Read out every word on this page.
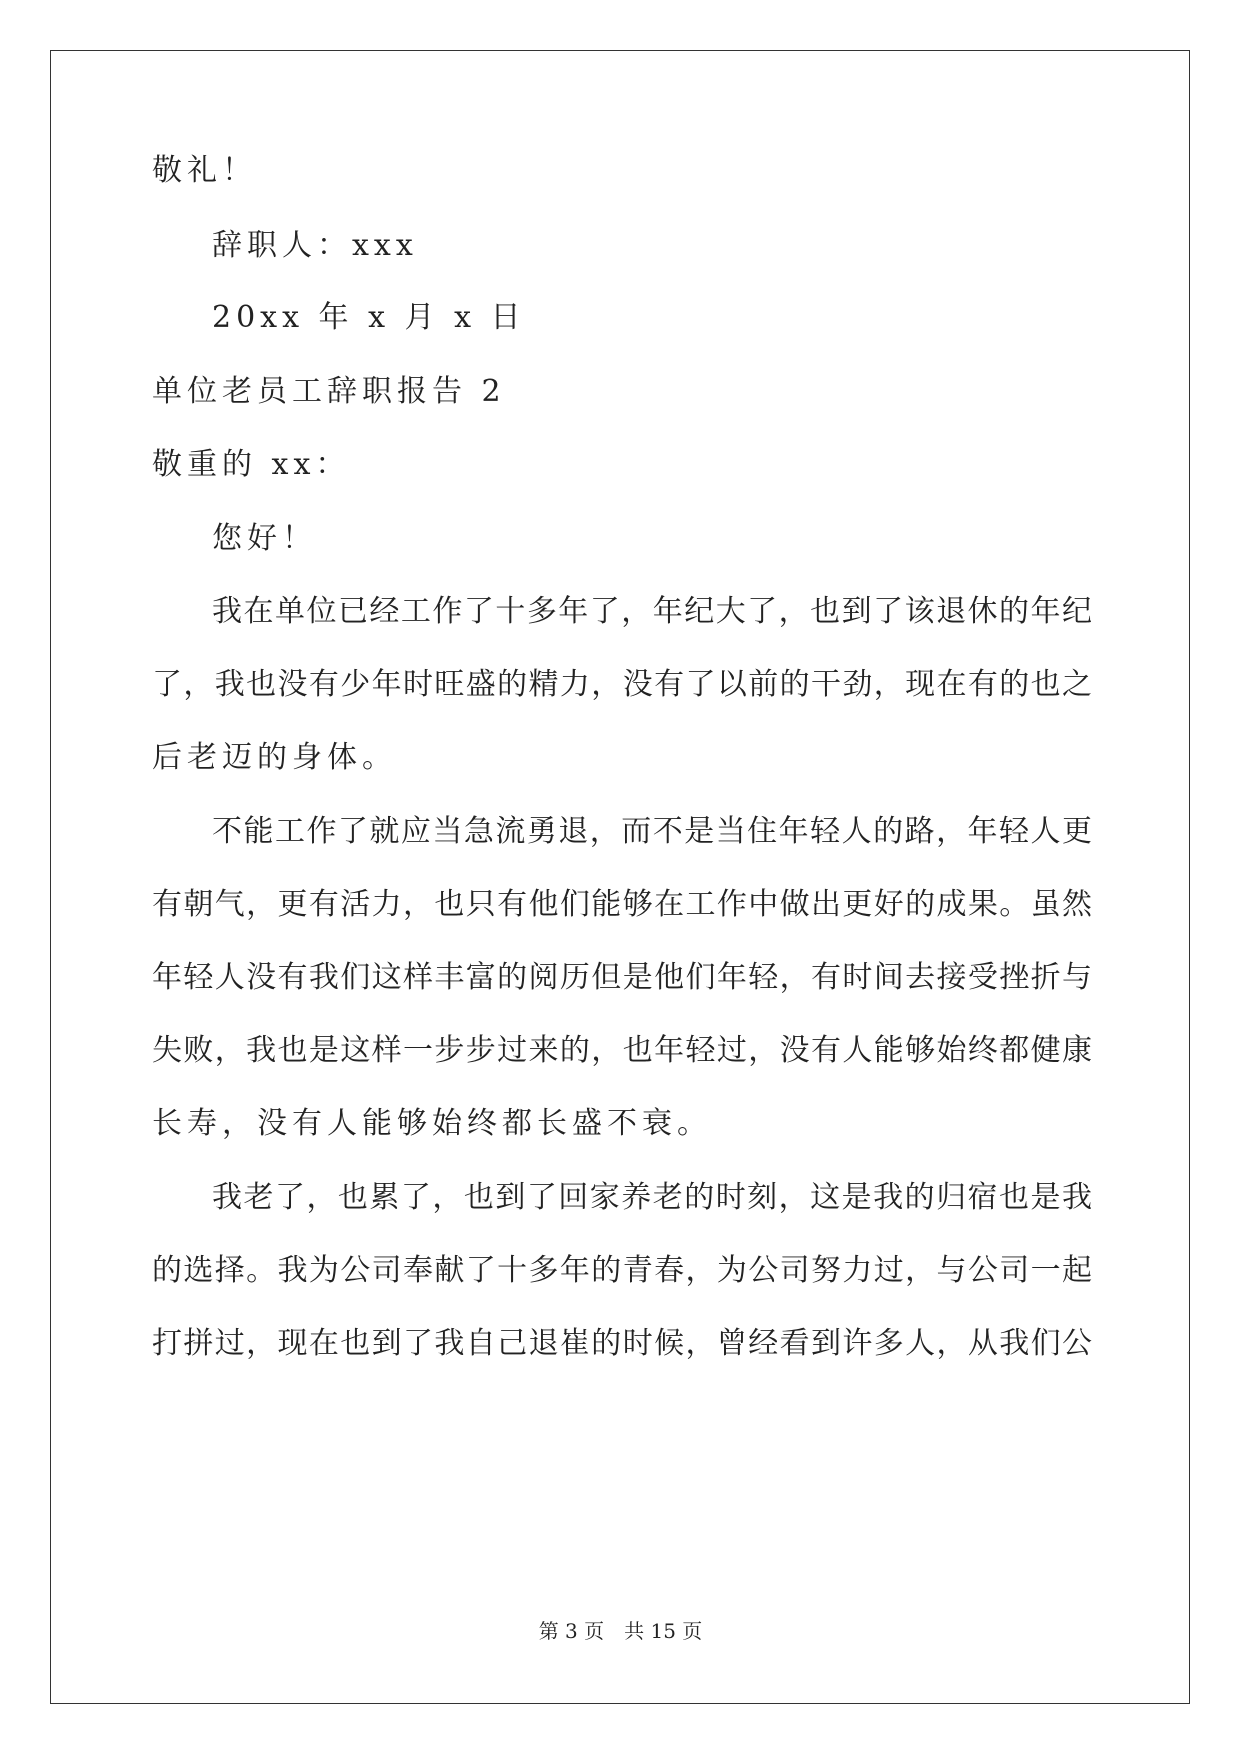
敬礼！
辞职人：xxx
20xx 年 x 月 x 日
单位老员工辞职报告 2
敬重的 xx：
您好！
我在单位已经工作了十多年了，年纪大了，也到了该退休的年纪
了，我也没有少年时旺盛的精力，没有了以前的干劲，现在有的也之
后老迈的身体。
不能工作了就应当急流勇退，而不是当住年轻人的路，年轻人更
有朝气，更有活力，也只有他们能够在工作中做出更好的成果。虽然
年轻人没有我们这样丰富的阅历但是他们年轻，有时间去接受挫折与
失败，我也是这样一步步过来的，也年轻过，没有人能够始终都健康
长寿，没有人能够始终都长盛不衰。
我老了，也累了，也到了回家养老的时刻，这是我的归宿也是我
的选择。我为公司奉献了十多年的青春，为公司努力过，与公司一起
打拼过，现在也到了我自己退崔的时候，曾经看到许多人，从我们公
第 3 页　共 15 页
